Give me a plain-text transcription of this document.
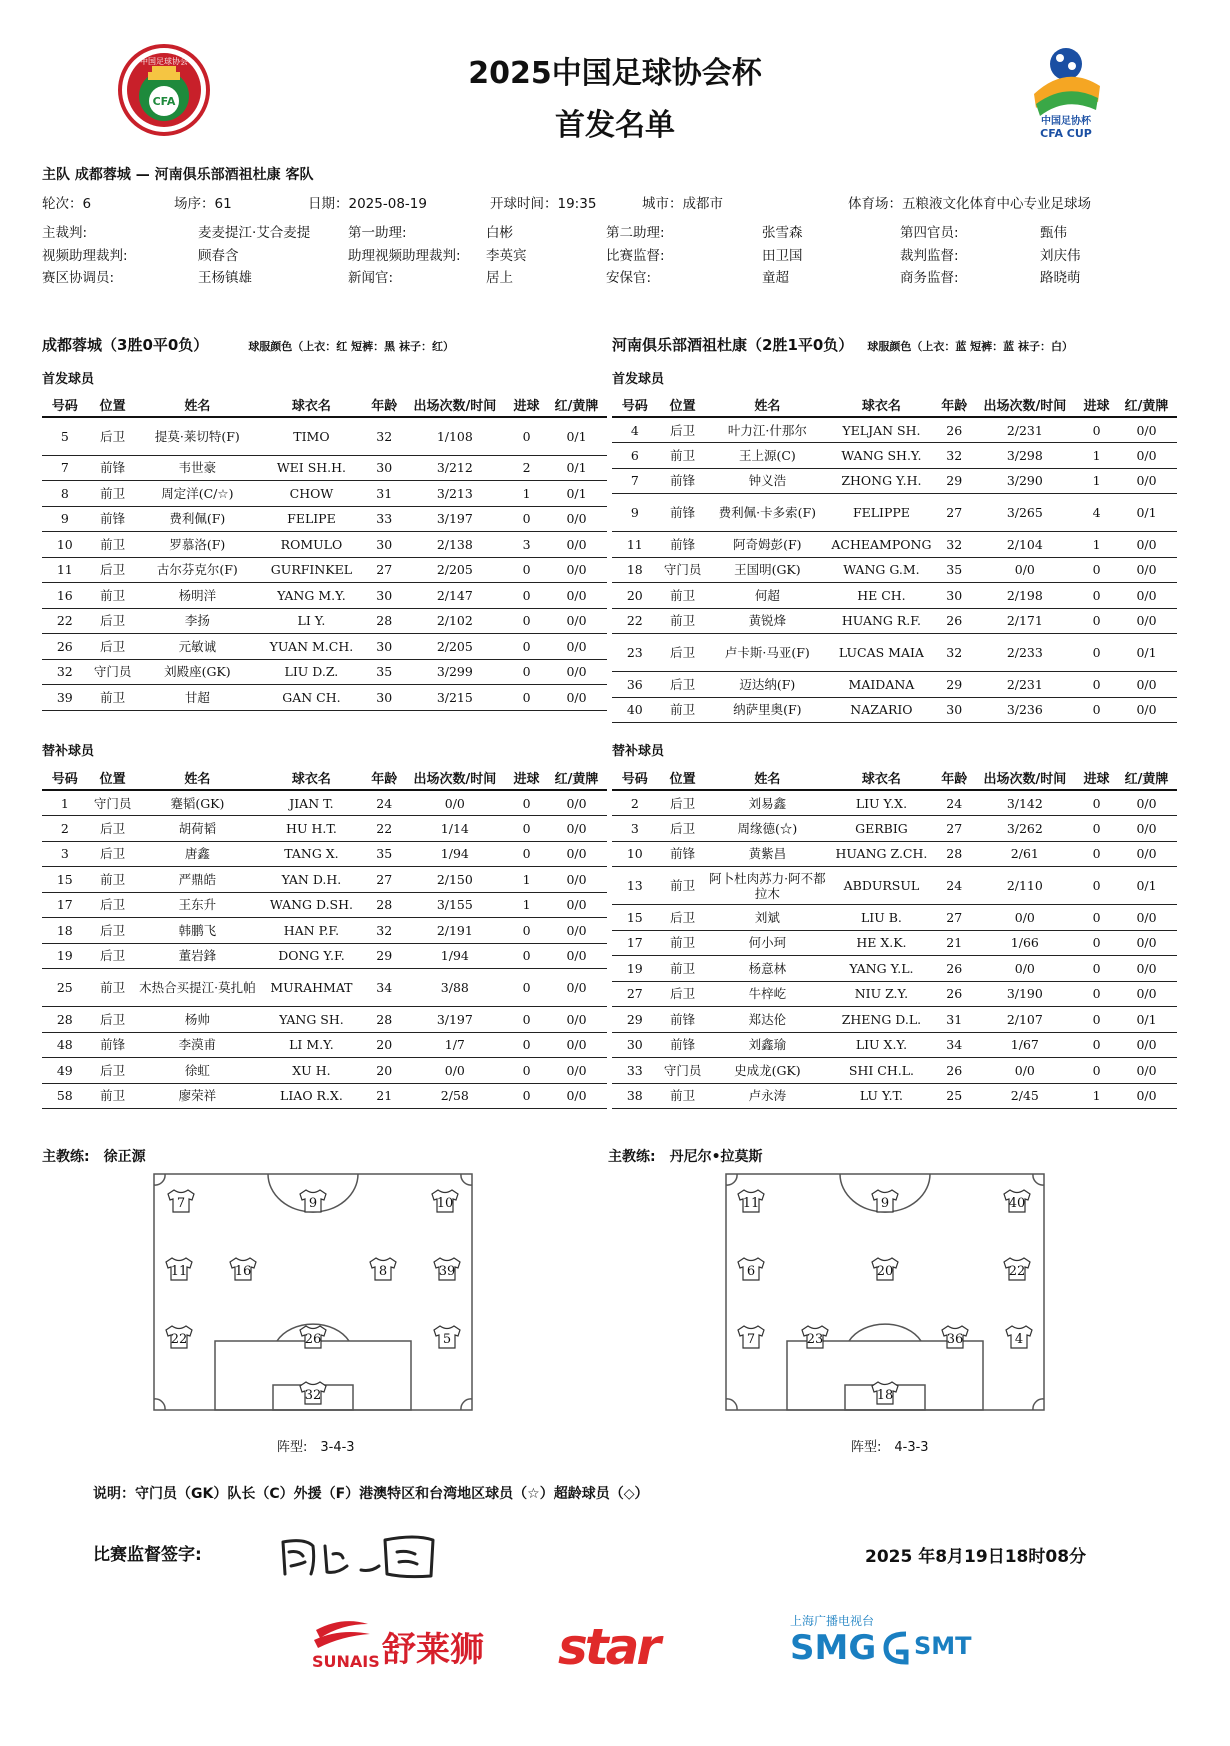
中国足球协会
CFA
中国足协杯
CFA CUP
2025中国足球协会杯
首发名单
主队 成都蓉城 — 河南俱乐部酒祖杜康 客队
轮次：6	场序：61	日期：2025-08-19	开球时间：19:35	城市：成都市	体育场：五粮液文化体育中心专业足球场
主裁判:	麦麦提江·艾合麦提	第一助理:	白彬	第二助理:	张雪森	第四官员:	甄伟
视频助理裁判:	顾春含	助理视频助理裁判: 李英宾	比赛监督:	田卫国	裁判监督:	刘庆伟
赛区协调员:	王杨镇雄	新闻官:	居上	安保官:	童超	商务监督:	路晓萌
成都蓉城（3胜0平0负）	球服颜色（上衣：红 短裤：黑 袜子：红）	河南俱乐部酒祖杜康（2胜1平0负） 球服颜色（上衣：蓝 短裤：蓝 袜子：白）
首发球员	首发球员
替补球员	替补球员
号码	位置	姓名	球衣名	年龄	出场次数/时间	进球	红/黄牌
5	后卫	提莫·莱切特(F)	TIMO	32	1/108	0	0/1
7	前锋	韦世豪	WEI SH.H.	30	3/212	2	0/1
8	前卫	周定洋(C/☆)	CHOW	31	3/213	1	0/1
9	前锋	费利佩(F)	FELIPE	33	3/197	0	0/0
10	前卫	罗慕洛(F)	ROMULO	30	2/138	3	0/0
11	后卫	古尔芬克尔(F)	GURFINKEL	27	2/205	0	0/0
16	前卫	杨明洋	YANG M.Y.	30	2/147	0	0/0
22	后卫	李扬	LI Y.	28	2/102	0	0/0
26	后卫	元敏诚	YUAN M.CH.	30	2/205	0	0/0
32	守门员	刘殿座(GK)	LIU D.Z.	35	3/299	0	0/0
39	前卫	甘超	GAN CH.	30	3/215	0	0/0
号码	位置	姓名	球衣名	年龄	出场次数/时间	进球	红/黄牌
4	后卫	叶力江·什那尔	YELJAN SH.	26	2/231	0	0/0
6	前卫	王上源(C)	WANG SH.Y.	32	3/298	1	0/0
7	前锋	钟义浩	ZHONG Y.H.	29	3/290	1	0/0
9	前锋	费利佩·卡多索(F)	FELIPPE	27	3/265	4	0/1
11	前锋	阿奇姆彭(F)	ACHEAMPONG	32	2/104	1	0/0
18	守门员	王国明(GK)	WANG G.M.	35	0/0	0	0/0
20	前卫	何超	HE CH.	30	2/198	0	0/0
22	前卫	黄锐烽	HUANG R.F.	26	2/171	0	0/0
23	后卫	卢卡斯·马亚(F)	LUCAS MAIA	32	2/233	0	0/1
36	后卫	迈达纳(F)	MAIDANA	29	2/231	0	0/0
40	前卫	纳萨里奥(F)	NAZARIO	30	3/236	0	0/0
号码	位置	姓名	球衣名	年龄	出场次数/时间	进球	红/黄牌
1	守门员	蹇韬(GK)	JIAN T.	24	0/0	0	0/0
2	后卫	胡荷韬	HU H.T.	22	1/14	0	0/0
3	后卫	唐鑫	TANG X.	35	1/94	0	0/0
15	前卫	严鼎皓	YAN D.H.	27	2/150	1	0/0
17	后卫	王东升	WANG D.SH.	28	3/155	1	0/0
18	后卫	韩鹏飞	HAN P.F.	32	2/191	0	0/0
19	后卫	董岩鋒	DONG Y.F.	29	1/94	0	0/0
25	前卫	木热合买提江·莫扎帕	MURAHMAT	34	3/88	0	0/0
28	后卫	杨帅	YANG SH.	28	3/197	0	0/0
48	前锋	李漠甫	LI M.Y.	20	1/7	0	0/0
49	后卫	徐虹	XU H.	20	0/0	0	0/0
58	前卫	廖荣祥	LIAO R.X.	21	2/58	0	0/0
号码	位置	姓名	球衣名	年龄	出场次数/时间	进球	红/黄牌
2	后卫	刘易鑫	LIU Y.X.	24	3/142	0	0/0
3	后卫	周缘德(☆)	GERBIG	27	3/262	0	0/0
10	前锋	黄紫昌	HUANG Z.CH.	28	2/61	0	0/0
13	前卫	阿卜杜肉苏力·阿不都拉木	ABDURSUL	24	2/110	0	0/1
15	后卫	刘斌	LIU B.	27	0/0	0	0/0
17	前卫	何小珂	HE X.K.	21	1/66	0	0/0
19	前卫	杨意林	YANG Y.L.	26	0/0	0	0/0
27	后卫	牛梓屹	NIU Z.Y.	26	3/190	0	0/0
29	前锋	郑达伦	ZHENG D.L.	31	2/107	0	0/1
30	前锋	刘鑫瑜	LIU X.Y.	34	1/67	0	0/0
33	守门员	史成龙(GK)	SHI CH.L.	26	0/0	0	0/0
38	前卫	卢永涛	LU Y.T.	25	2/45	1	0/0
主教练:　徐正源	主教练:　丹尼尔•拉莫斯
7	9	10
11	16	8	39
22	26	5
32
11	9	40
6	20	22
7	23	36	4
18
阵型:　3-4-3	阵型:　4-3-3
说明：守门员（GK）队长（C）外援（F）港澳特区和台湾地区球员（☆）超龄球员（◇）
比赛监督签字:	2025 年8月19日18时08分
SUNAIS 舒莱狮 star	上海广播电视台
SMG SMT
